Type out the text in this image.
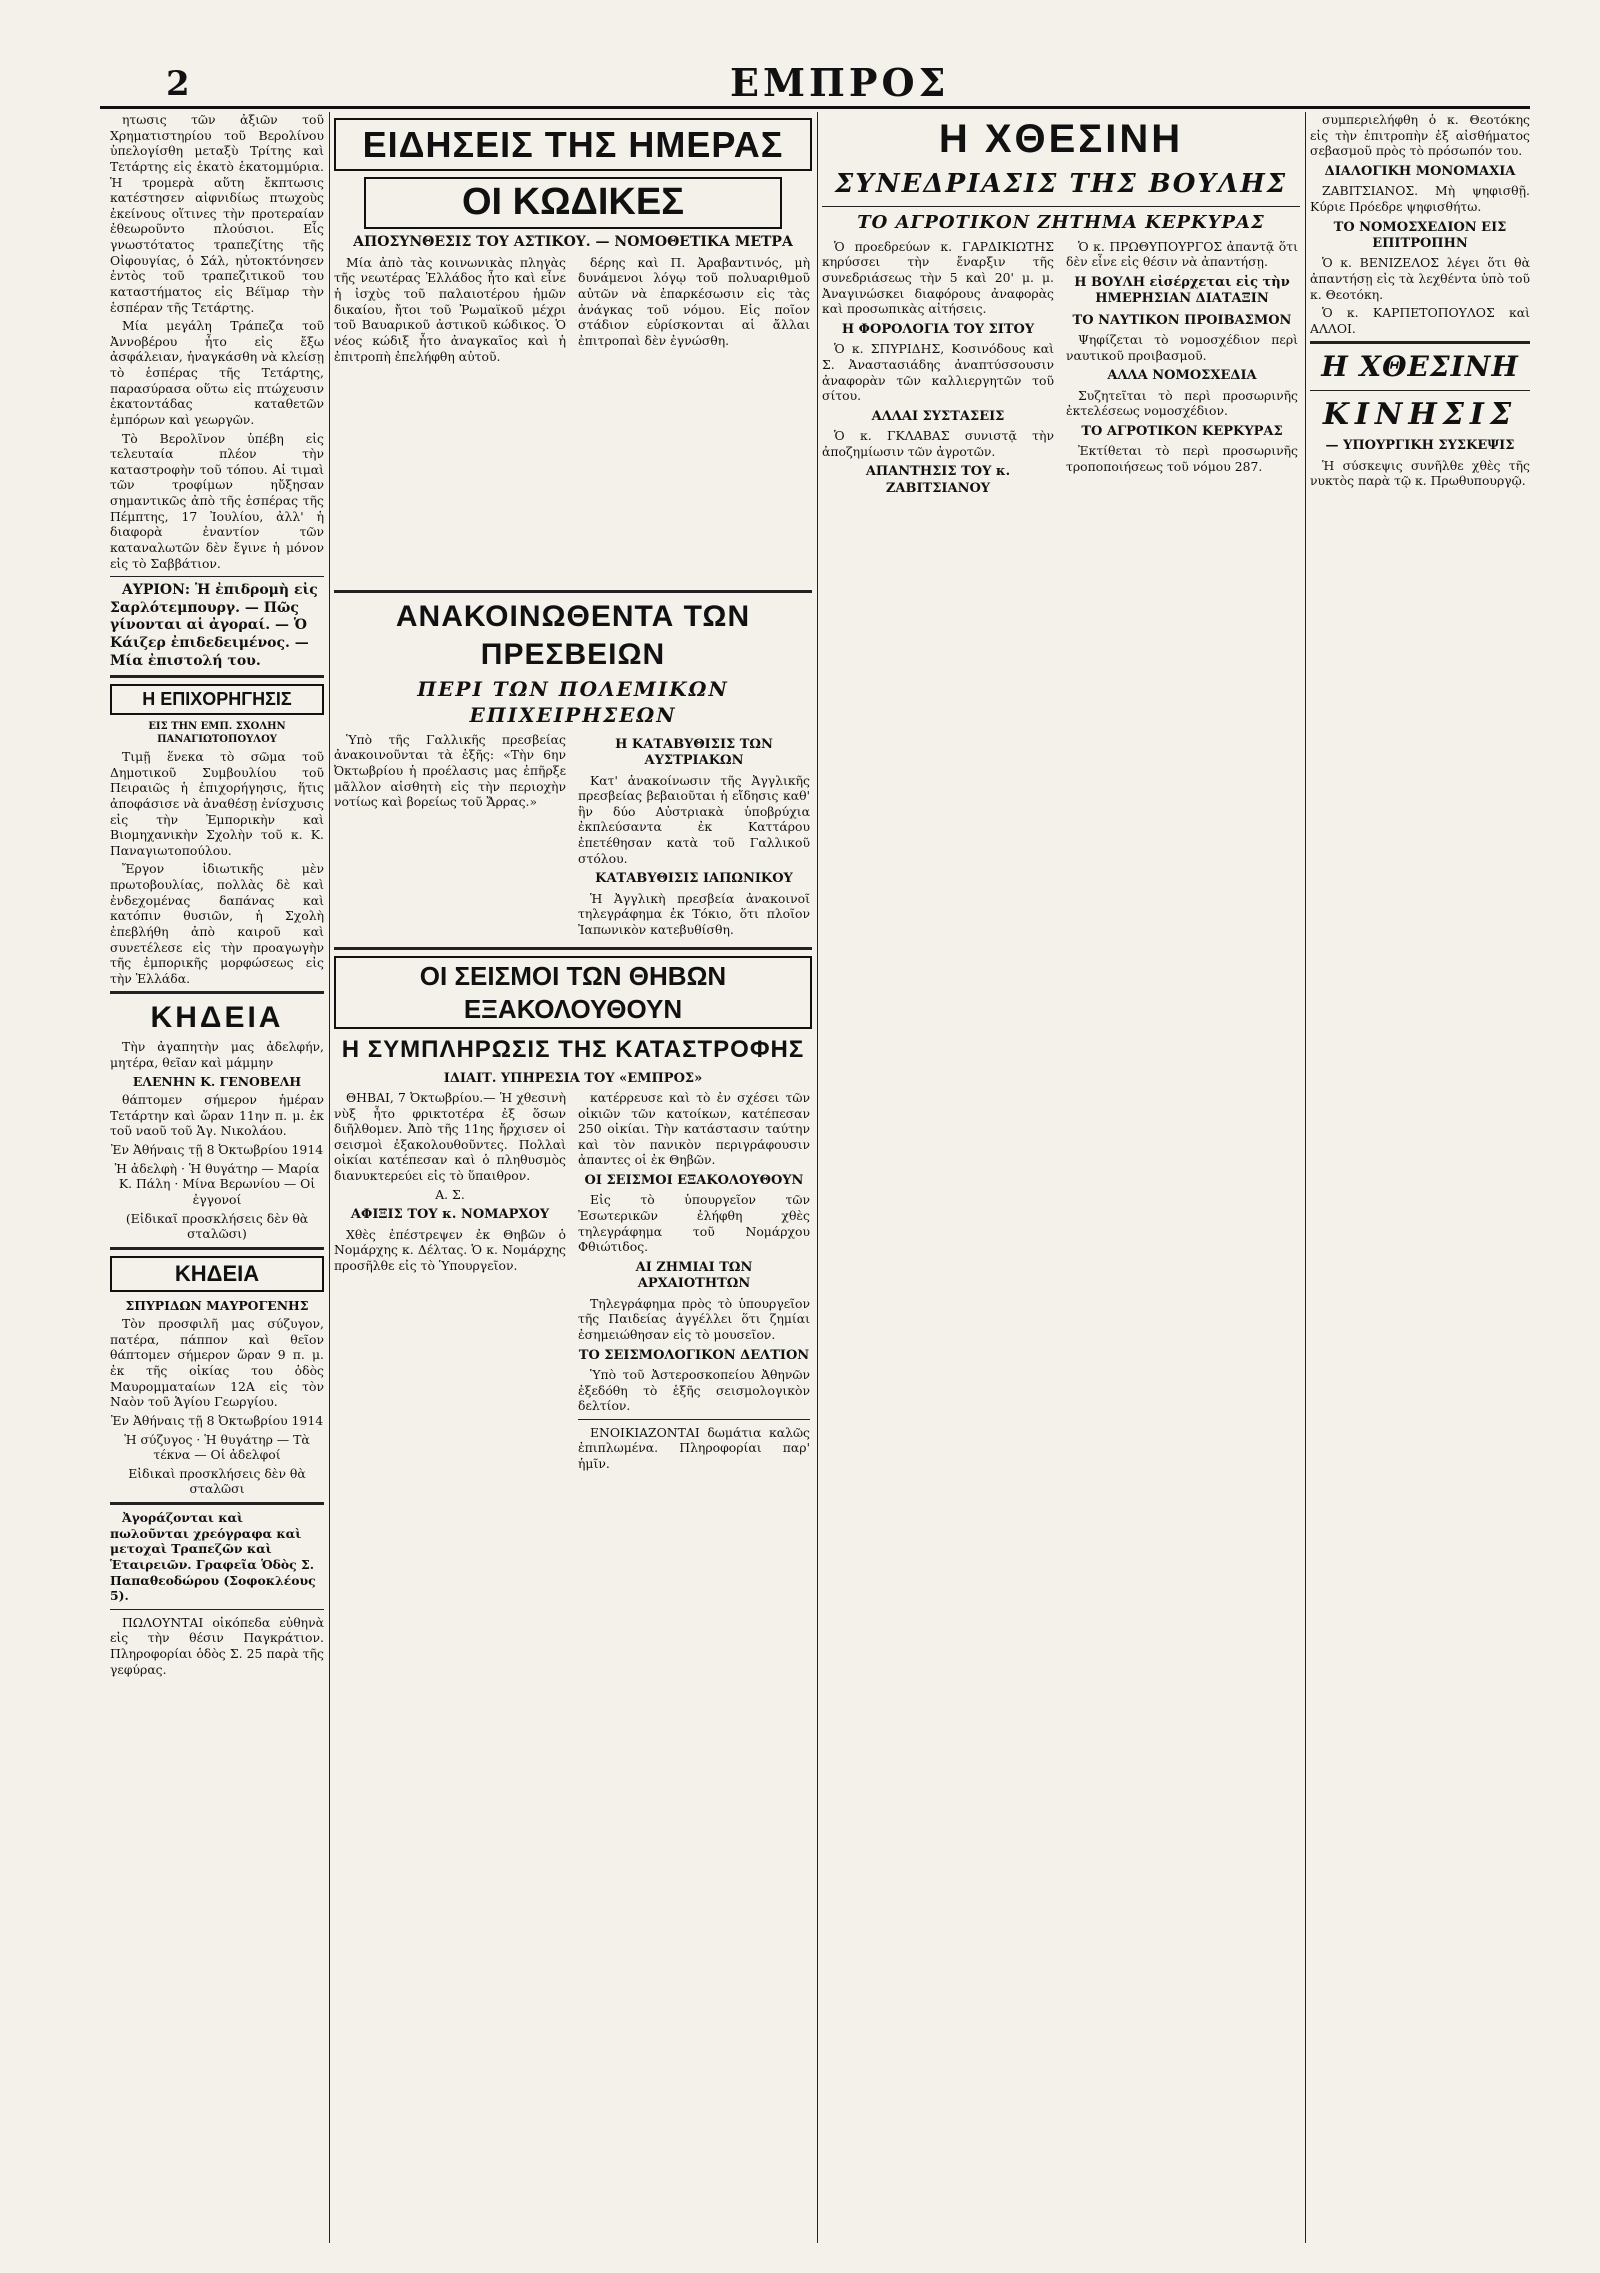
2	ΕΜΠΡΟΣ

ητωσις τῶν ἀξιῶν τοῦ Χρηματιστηρίου τοῦ Βερολίνου ὑπελογίσθη μεταξὺ Τρίτης καὶ Τετάρτης εἰς ἑκατὸ ἑκατομμύρια. Ἡ τρομερὰ αὕτη ἔκπτωσις κατέστησεν αἰφνιδίως πτωχοὺς ἐκείνους οἵτινες τὴν προτεραίαν ἐθεωροῦντο πλούσιοι. Εἷς γνωστότατος τραπεζίτης τῆς Οἰφουγίας, ὁ Σάλ, ηὐτοκτόνησεν ἐντὸς τοῦ τραπεζιτικοῦ του καταστήματος εἰς Βέϊμαρ τὴν ἑσπέραν τῆς Τετάρτης.

Μία μεγάλη Τράπεζα τοῦ Ἀννοβέρου ἦτο εἰς ἔξω ἀσφάλειαν, ἡναγκάσθη νὰ κλείσῃ τὸ ἑσπέρας τῆς Τετάρτης, παρασύρασα οὕτω εἰς πτώχευσιν ἑκατοντάδας καταθετῶν ἐμπόρων καὶ γεωργῶν.

Τὸ Βερολῖνον ὑπέβη εἰς τελευταία πλέον τὴν καταστροφὴν τοῦ τόπου. Αἱ τιμαὶ τῶν τροφίμων ηὔξησαν σημαντικῶς ἀπὸ τῆς ἑσπέρας τῆς Πέμπτης, 17 Ἰουλίου, ἀλλ' ἡ διαφορὰ ἐναντίον τῶν καταναλωτῶν δὲν ἔγινε ἡ μόνον εἰς τὸ Σαββάτιον.

ΑΥΡΙΟΝ: Ἡ ἐπιδρομὴ εἰς Σαρλότεμπουργ. — Πῶς γίνονται αἱ ἀγοραί. — Ὁ Κάιζερ ἐπιδεδειμένος. — Μία ἐπιστολή του.

Η ΕΠΙΧΟΡΗΓΗΣΙΣ
ΕΙΣ ΤΗΝ ΕΜΠ. ΣΧΟΛΗΝ ΠΑΝΑΓΙΩΤΟΠΟΥΛΟΥ

Τιμῇ ἕνεκα τὸ σῶμα τοῦ Δημοτικοῦ Συμβουλίου τοῦ Πειραιῶς ἡ ἐπιχορήγησις, ἥτις ἀποφάσισε νὰ ἀναθέσῃ ἐνίσχυσις εἰς τὴν Ἐμπορικὴν καὶ Βιομηχανικὴν Σχολὴν τοῦ κ. Κ. Παναγιωτοπούλου.

Ἔργον ἰδιωτικῆς μὲν πρωτοβουλίας, πολλὰς δὲ καὶ ἐνδεχομένας δαπάνας καὶ κατόπιν θυσιῶν, ἡ Σχολὴ ἐπεβλήθη ἀπὸ καιροῦ καὶ συνετέλεσε εἰς τὴν προαγωγὴν τῆς ἐμπορικῆς μορφώσεως εἰς τὴν Ἑλλάδα.

ΚΗΔΕΙΑ

Τὴν ἀγαπητὴν μας ἀδελφήν, μητέρα, θεῖαν καὶ μάμμην

ΕΛΕΝΗΝ Κ. ΓΕΝΟΒΕΛΗ

θάπτομεν σήμερον ἡμέραν Τετάρτην καὶ ὥραν 11ην π. μ. ἐκ τοῦ ναοῦ τοῦ Ἁγ. Νικολάου.

Ἐν Ἀθήναις τῇ 8 Ὀκτωβρίου 1914
Ἡ ἀδελφὴ · Ἡ θυγάτηρ — Μαρία Κ. Πάλη · Μίνα Βερωνίου — Οἱ ἐγγονοί
(Εἰδικαῖ προσκλήσεις δὲν θὰ σταλῶσι)
ΚΗΔΕΙΑ
ΣΠΥΡΙΔΩΝ ΜΑΥΡΟΓΕΝΗΣ

Τὸν προσφιλῆ μας σύζυγον, πατέρα, πάππον καὶ θεῖον θάπτομεν σήμερον ὥραν 9 π. μ. ἐκ τῆς οἰκίας του ὁδὸς Μαυρομματαίων 12Α εἰς τὸν Ναὸν τοῦ Ἁγίου Γεωργίου.

Ἐν Ἀθήναις τῇ 8 Ὀκτωβρίου 1914
Ἡ σύζυγος · Ἡ θυγάτηρ — Τὰ τέκνα — Οἱ ἀδελφοί
Εἰδικαὶ προσκλήσεις δὲν θὰ σταλῶσι

Ἀγοράζονται καὶ πωλοῦνται χρεόγραφα καὶ μετοχαὶ Τραπεζῶν καὶ Ἑταιρειῶν. Γραφεῖα Ὁδὸς Σ. Παπαθεοδώρου (Σοφοκλέους 5).

ΠΩΛΟΥΝΤΑΙ οἰκόπεδα εὐθηνὰ εἰς τὴν θέσιν Παγκράτιον. Πληροφορίαι ὁδὸς Σ. 25 παρὰ τῆς γεφύρας.

ΕΙΔΗΣΕΙΣ ΤΗΣ ΗΜΕΡΑΣ
ΟΙ ΚΩΔΙΚΕΣ
ΑΠΟΣΥΝΘΕΣΙΣ ΤΟΥ ΑΣΤΙΚΟΥ. — ΝΟΜΟΘΕΤΙΚΑ ΜΕΤΡΑ

Μία ἀπὸ τὰς κοινωνικὰς πληγὰς τῆς νεωτέρας Ἑλλάδος ἦτο καὶ εἶνε ἡ ἰσχὺς τοῦ παλαιοτέρου ἡμῶν δικαίου, ἤτοι τοῦ Ῥωμαϊκοῦ μέχρι τοῦ Βαυαρικοῦ ἀστικοῦ κώδικος. Ὁ νέος κώδιξ ἦτο ἀναγκαῖος καὶ ἡ ἐπιτροπὴ ἐπελήφθη αὐτοῦ.

δέρης καὶ Π. Ἀραβαντινός, μὴ δυνάμενοι λόγῳ τοῦ πολυαριθμοῦ αὐτῶν νὰ ἐπαρκέσωσιν εἰς τὰς ἀνάγκας τοῦ νόμου. Εἰς ποῖον στάδιον εὑρίσκονται αἱ ἄλλαι ἐπιτροπαὶ δὲν ἐγνώσθη.

ΑΝΑΚΟΙΝΩΘΕΝΤΑ ΤΩΝ ΠΡΕΣΒΕΙΩΝ
ΠΕΡΙ ΤΩΝ ΠΟΛΕΜΙΚΩΝ ΕΠΙΧΕΙΡΗΣΕΩΝ

Ὑπὸ τῆς Γαλλικῆς πρεσβείας ἀνακοινοῦνται τὰ ἑξῆς: «Τὴν 6ην Ὀκτωβρίου ἡ προέλασις μας ἐπῆρξε μᾶλλον αἰσθητὴ εἰς τὴν περιοχὴν νοτίως καὶ βορείως τοῦ Ἄρρας.»

Η ΚΑΤΑΒΥΘΙΣΙΣ ΤΩΝ ΑΥΣΤΡΙΑΚΩΝ

Κατ' ἀνακοίνωσιν τῆς Ἀγγλικῆς πρεσβείας βεβαιοῦται ἡ εἴδησις καθ' ἣν δύο Αὐστριακὰ ὑποβρύχια ἐκπλεύσαντα ἐκ Καττάρου ἐπετέθησαν κατὰ τοῦ Γαλλικοῦ στόλου.

ΚΑΤΑΒΥΘΙΣΙΣ ΙΑΠΩΝΙΚΟΥ

Ἡ Ἀγγλικὴ πρεσβεία ἀνακοινοῖ τηλεγράφημα ἐκ Τόκιο, ὅτι πλοῖον Ἰαπωνικὸν κατεβυθίσθη.

ΟΙ ΣΕΙΣΜΟΙ ΤΩΝ ΘΗΒΩΝ ΕΞΑΚΟΛΟΥΘΟΥΝ
Η ΣΥΜΠΛΗΡΩΣΙΣ ΤΗΣ ΚΑΤΑΣΤΡΟΦΗΣ
ΙΔΙΑΙΤ. ΥΠΗΡΕΣΙΑ ΤΟΥ «ΕΜΠΡΟΣ»

ΘΗΒΑΙ, 7 Ὀκτωβρίου.— Ἡ χθεσινὴ νὺξ ἦτο φρικτοτέρα ἐξ ὅσων διῆλθομεν. Ἀπὸ τῆς 11ης ἤρχισεν οἱ σεισμοὶ ἐξακολουθοῦντες. Πολλαὶ οἰκίαι κατέπεσαν καὶ ὁ πληθυσμὸς διανυκτερεύει εἰς τὸ ὕπαιθρον.

Α. Σ.
ΑΦΙΞΙΣ ΤΟΥ κ. ΝΟΜΑΡΧΟΥ

Χθὲς ἐπέστρεψεν ἐκ Θηβῶν ὁ Νομάρχης κ. Δέλτας. Ὁ κ. Νομάρχης προσῆλθε εἰς τὸ Ὑπουργεῖον.

κατέρρευσε καὶ τὸ ἐν σχέσει τῶν οἰκιῶν τῶν κατοίκων, κατέπεσαν 250 οἰκίαι. Τὴν κατάστασιν ταύτην καὶ τὸν πανικὸν περιγράφουσιν ἀπαντες οἱ ἐκ Θηβῶν.

ΟΙ ΣΕΙΣΜΟΙ ΕΞΑΚΟΛΟΥΘΟΥΝ

Εἰς τὸ ὑπουργεῖον τῶν Ἐσωτερικῶν ἐλήφθη χθὲς τηλεγράφημα τοῦ Νομάρχου Φθιώτιδος.

ΑΙ ΖΗΜΙΑΙ ΤΩΝ ΑΡΧΑΙΟΤΗΤΩΝ

Τηλεγράφημα πρὸς τὸ ὑπουργεῖον τῆς Παιδείας ἀγγέλλει ὅτι ζημίαι ἐσημειώθησαν εἰς τὸ μουσεῖον.

ΤΟ ΣΕΙΣΜΟΛΟΓΙΚΟΝ ΔΕΛΤΙΟΝ

Ὑπὸ τοῦ Ἀστεροσκοπείου Ἀθηνῶν ἐξεδόθη τὸ ἑξῆς σεισμολογικὸν δελτίον.

ΕΝΟΙΚΙΑΖΟΝΤΑΙ δωμάτια καλῶς ἐπιπλωμένα. Πληροφορίαι παρ' ἡμῖν.

Η ΧΘΕΣΙΝΗ
ΣΥΝΕΔΡΙΑΣΙΣ ΤΗΣ ΒΟΥΛΗΣ
ΤΟ ΑΓΡΟΤΙΚΟΝ ΖΗΤΗΜΑ ΚΕΡΚΥΡΑΣ

Ὁ προεδρεύων κ. ΓΑΡΔΙΚΙΩΤΗΣ κηρύσσει τὴν ἔναρξιν τῆς συνεδριάσεως τὴν 5 καὶ 20' μ. μ. Ἀναγινώσκει διαφόρους ἀναφορὰς καὶ προσωπικὰς αἰτήσεις.

Η ΦΟΡΟΛΟΓΙΑ ΤΟΥ ΣΙΤΟΥ

Ὁ κ. ΣΠΥΡΙΔΗΣ, Κοσινόδους καὶ Σ. Ἀναστασιάδης ἀναπτύσσουσιν ἀναφορὰν τῶν καλλιεργητῶν τοῦ σίτου.

ΑΛΛΑΙ ΣΥΣΤΑΣΕΙΣ

Ὁ κ. ΓΚΛΑΒΑΣ συνιστᾷ τὴν ἀποζημίωσιν τῶν ἀγροτῶν.

ΑΠΑΝΤΗΣΙΣ ΤΟΥ κ. ΖΑΒΙΤΣΙΑΝΟΥ

Ὁ κ. ΠΡΩΘΥΠΟΥΡΓΟΣ ἀπαντᾷ ὅτι δὲν εἶνε εἰς θέσιν νὰ ἀπαντήσῃ.

Η ΒΟΥΛΗ εἰσέρχεται εἰς τὴν ΗΜΕΡΗΣΙΑΝ ΔΙΑΤΑΞΙΝ
ΤΟ ΝΑΥΤΙΚΟΝ ΠΡΟΙΒΑΣΜΟΝ

Ψηφίζεται τὸ νομοσχέδιον περὶ ναυτικοῦ προιβασμοῦ.

ΑΛΛΑ ΝΟΜΟΣΧΕΔΙΑ

Συζητεῖται τὸ περὶ προσωρινῆς ἐκτελέσεως νομοσχέδιον.

ΤΟ ΑΓΡΟΤΙΚΟΝ ΚΕΡΚΥΡΑΣ

Ἐκτίθεται τὸ περὶ προσωρινῆς τροποποιήσεως τοῦ νόμου 287.

συμπεριελήφθη ὁ κ. Θεοτόκης εἰς τὴν ἐπιτροπὴν ἐξ αἰσθήματος σεβασμοῦ πρὸς τὸ πρόσωπόν του.

ΔΙΑΛΟΓΙΚΗ ΜΟΝΟΜΑΧΙΑ

ΖΑΒΙΤΣΙΑΝΟΣ. Μὴ ψηφισθῇ. Κύριε Πρόεδρε ψηφισθήτω.

ΤΟ ΝΟΜΟΣΧΕΔΙΟΝ ΕΙΣ ΕΠΙΤΡΟΠΗΝ

Ὁ κ. ΒΕΝΙΖΕΛΟΣ λέγει ὅτι θὰ ἀπαντήσῃ εἰς τὰ λεχθέντα ὑπὸ τοῦ κ. Θεοτόκη.

Ὁ κ. ΚΑΡΠΕΤΟΠΟΥΛΟΣ καὶ ΑΛΛΟΙ.

Η ΧΘΕΣΙΝΗ
ΚΙΝΗΣΙΣ
— ΥΠΟΥΡΓΙΚΗ ΣΥΣΚΕΨΙΣ

Ἡ σύσκεψις συνῆλθε χθὲς τῆς νυκτὸς παρὰ τῷ κ. Πρωθυπουργῷ.
